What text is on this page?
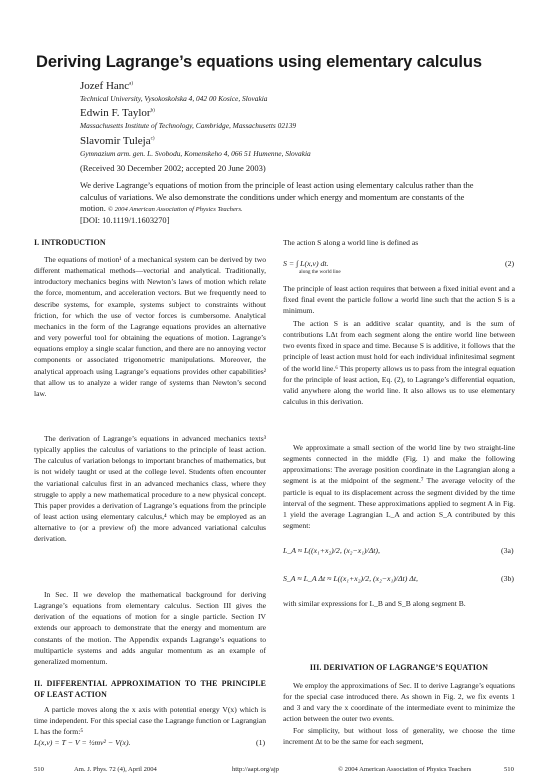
Deriving Lagrange’s equations using elementary calculus
Jozef Hanc$^{a)}$
Technical University, Vysokoskolska 4, 042 00 Kosice, Slovakia
Edwin F. Taylor$^{b)}$
Massachusetts Institute of Technology, Cambridge, Massachusetts 02139
Slavomir Tuleja$^{c)}$
Gymnazium arm. gen. L. Svobodu, Komenskeho 4, 066 51 Humenne, Slovakia
(Received 30 December 2002; accepted 20 June 2003)
We derive Lagrange’s equations of motion from the principle of least action using elementary calculus rather than the calculus of variations. We also demonstrate the conditions under which energy and momentum are constants of the motion. © 2004 American Association of Physics Teachers.
[DOI: 10.1119/1.1603270]
I. INTRODUCTION
The equations of motion¹ of a mechanical system can be derived by two different mathematical methods—vectorial and analytical. Traditionally, introductory mechanics begins with Newton’s laws of motion which relate the force, momentum, and acceleration vectors. But we frequently need to describe systems, for example, systems subject to constraints without friction, for which the use of vector forces is cumbersome. Analytical mechanics in the form of the Lagrange equations provides an alternative and very powerful tool for obtaining the equations of motion. Lagrange’s equations employ a single scalar function, and there are no annoying vector components or associated trigonometric manipulations. Moreover, the analytical approach using Lagrange’s equations provides other capabilities² that allow us to analyze a wider range of systems than Newton’s second law.
The derivation of Lagrange’s equations in advanced mechanics texts³ typically applies the calculus of variations to the principle of least action. The calculus of variation belongs to important branches of mathematics, but is not widely taught or used at the college level. Students often encounter the variational calculus first in an advanced mechanics class, where they struggle to apply a new mathematical procedure to a new physical concept. This paper provides a derivation of Lagrange’s equations from the principle of least action using elementary calculus,⁴ which may be employed as an alternative to (or a preview of) the more advanced variational calculus derivation.
In Sec. II we develop the mathematical background for deriving Lagrange’s equations from elementary calculus. Section III gives the derivation of the equations of motion for a single particle. Section IV extends our approach to demonstrate that the energy and momentum are constants of the motion. The Appendix expands Lagrange’s equations to multiparticle systems and adds angular momentum as an example of generalized momentum.
II. DIFFERENTIAL APPROXIMATION TO THE PRINCIPLE OF LEAST ACTION
A particle moves along the x axis with potential energy V(x) which is time independent. For this special case the Lagrange function or Lagrangian L has the form:⁵
L(x,v) = T − V = ½mv² − V(x).	(1)
The action S along a world line is defined as
S = ∫ L(x,v) dt.
along the world line
(2)
The principle of least action requires that between a fixed initial event and a fixed final event the particle follow a world line such that the action S is a minimum.
The action S is an additive scalar quantity, and is the sum of contributions LΔt from each segment along the entire world line between two events fixed in space and time. Because S is additive, it follows that the principle of least action must hold for each individual infinitesimal segment of the world line.⁶ This property allows us to pass from the integral equation for the principle of least action, Eq. (2), to Lagrange’s differential equation, valid anywhere along the world line. It also allows us to use elementary calculus in this derivation.
We approximate a small section of the world line by two straight-line segments connected in the middle (Fig. 1) and make the following approximations: The average position coordinate in the Lagrangian along a segment is at the midpoint of the segment.⁷ The average velocity of the particle is equal to its displacement across the segment divided by the time interval of the segment. These approximations applied to segment A in Fig. 1 yield the average Lagrangian L_A and action S_A contributed by this segment:
L_A ≈ L((x₁+x₂)/2, (x₂−x₁)/Δt),	(3a)
S_A ≈ L_A Δt ≈ L((x₁+x₂)/2, (x₂−x₁)/Δt) Δt,	(3b)
with similar expressions for L_B and S_B along segment B.
III. DERIVATION OF LAGRANGE’S EQUATION
We employ the approximations of Sec. II to derive Lagrange’s equations for the special case introduced there. As shown in Fig. 2, we fix events 1 and 3 and vary the x coordinate of the intermediate event to minimize the action between the outer two events.
For simplicity, but without loss of generality, we choose the time increment Δt to be the same for each segment,
510	Am. J. Phys. 72 (4), April 2004	http://aapt.org/ajp	© 2004 American Association of Physics Teachers	510
